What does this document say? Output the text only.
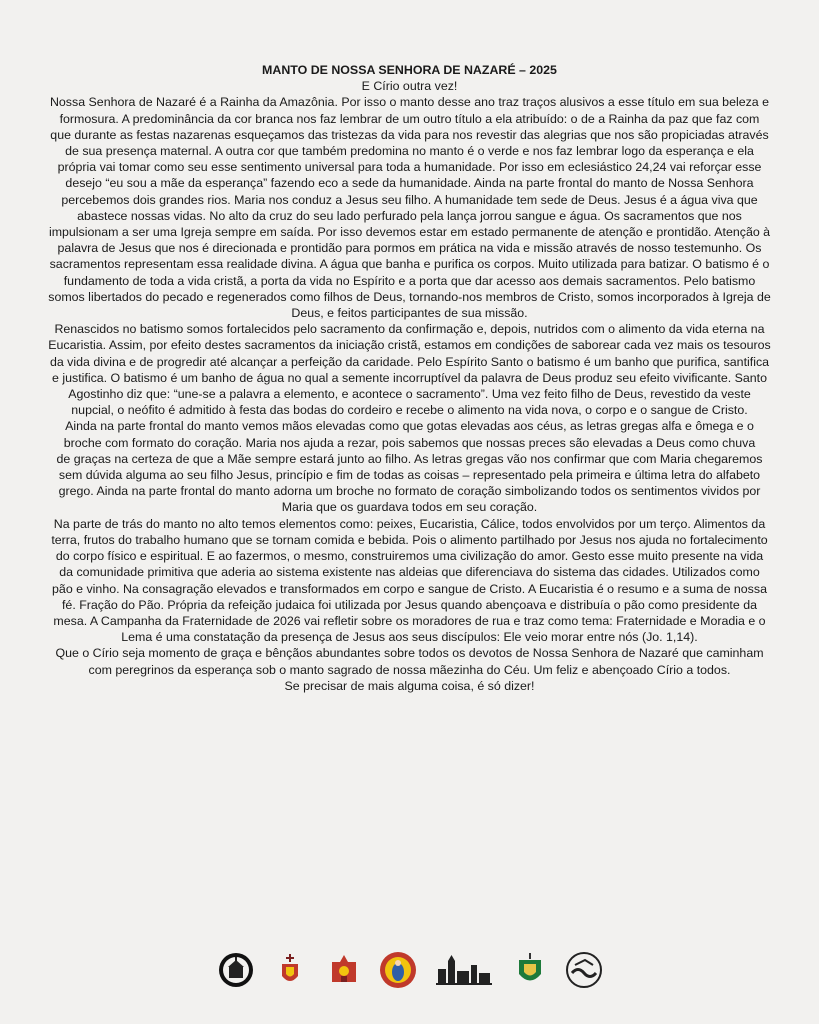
MANTO DE NOSSA SENHORA DE NAZARÉ – 2025

E Círio outra vez!

Nossa Senhora de Nazaré é a Rainha da Amazônia. Por isso o manto desse ano traz traços alusivos a esse título em sua beleza e formosura. A predominância da cor branca nos faz lembrar de um outro título a ela atribuído: o de a Rainha da paz que faz com que durante as festas nazarenas esqueçamos das tristezas da vida para nos revestir das alegrias que nos são propiciadas através de sua presença maternal. A outra cor que também predomina no manto é o verde e nos faz lembrar logo da esperança e ela própria vai tomar como seu esse sentimento universal para toda a humanidade. Por isso em eclesiástico 24,24 vai reforçar esse desejo “eu sou a mãe da esperança” fazendo eco a sede da humanidade. Ainda na parte frontal do manto de Nossa Senhora percebemos dois grandes rios. Maria nos conduz a Jesus seu filho. A humanidade tem sede de Deus. Jesus é a água viva que abastece nossas vidas. No alto da cruz do seu lado perfurado pela lança jorrou sangue e água. Os sacramentos que nos impulsionam a ser uma Igreja sempre em saída. Por isso devemos estar em estado permanente de atenção e prontidão. Atenção à palavra de Jesus que nos é direcionada e prontidão para pormos em prática na vida e missão através de nosso testemunho. Os sacramentos representam essa realidade divina. A água que banha e purifica os corpos. Muito utilizada para batizar. O batismo é o fundamento de toda a vida cristã, a porta da vida no Espírito e a porta que dar acesso aos demais sacramentos. Pelo batismo somos libertados do pecado e regenerados como filhos de Deus, tornando-nos membros de Cristo, somos incorporados à Igreja de Deus, e feitos participantes de sua missão.

Renascidos no batismo somos fortalecidos pelo sacramento da confirmação e, depois, nutridos com o alimento da vida eterna na Eucaristia. Assim, por efeito destes sacramentos da iniciação cristã, estamos em condições de saborear cada vez mais os tesouros da vida divina e de progredir até alcançar a perfeição da caridade. Pelo Espírito Santo o batismo é um banho que purifica, santifica e justifica. O batismo é um banho de água no qual a semente incorruptível da palavra de Deus produz seu efeito vivificante. Santo Agostinho diz que: “une-se a palavra a elemento, e acontece o sacramento”. Uma vez feito filho de Deus, revestido da veste nupcial, o neófito é admitido à festa das bodas do cordeiro e recebe o alimento na vida nova, o corpo e o sangue de Cristo.

Ainda na parte frontal do manto vemos mãos elevadas como que gotas elevadas aos céus, as letras gregas alfa e ômega e o broche com formato do coração. Maria nos ajuda a rezar, pois sabemos que nossas preces são elevadas a Deus como chuva

de graças na certeza de que a Mãe sempre estará junto ao filho. As letras gregas vão nos confirmar que com Maria chegaremos sem dúvida alguma ao seu filho Jesus, princípio e fim de todas as coisas – representado pela primeira e última letra do alfabeto grego. Ainda na parte frontal do manto adorna um broche no formato de coração simbolizando todos os sentimentos vividos por Maria que os guardava todos em seu coração.

Na parte de trás do manto no alto temos elementos como: peixes, Eucaristia, Cálice, todos envolvidos por um terço. Alimentos da terra, frutos do trabalho humano que se tornam comida e bebida. Pois o alimento partilhado por Jesus nos ajuda no fortalecimento do corpo físico e espiritual. E ao fazermos, o mesmo, construiremos uma civilização do amor. Gesto esse muito presente na vida da comunidade primitiva que aderia ao sistema existente nas aldeias que diferenciava do sistema das cidades. Utilizados como pão e vinho. Na consagração elevados e transformados em corpo e sangue de Cristo. A Eucaristia é o resumo e a suma de nossa fé. Fração do Pão. Própria da refeição judaica foi utilizada por Jesus quando abençoava e distribuía o pão como presidente da mesa. A Campanha da Fraternidade de 2026 vai refletir sobre os moradores de rua e traz como tema: Fraternidade e Moradia e o Lema é uma constatação da presença de Jesus aos seus discípulos: Ele veio morar entre nós (Jo. 1,14).

Que o Círio seja momento de graça e bênçãos abundantes sobre todos os devotos de Nossa Senhora de Nazaré que caminham com peregrinos da esperança sob o manto sagrado de nossa mãezinha do Céu. Um feliz e abençoado Círio a todos.

Se precisar de mais alguma coisa, é só dizer!
